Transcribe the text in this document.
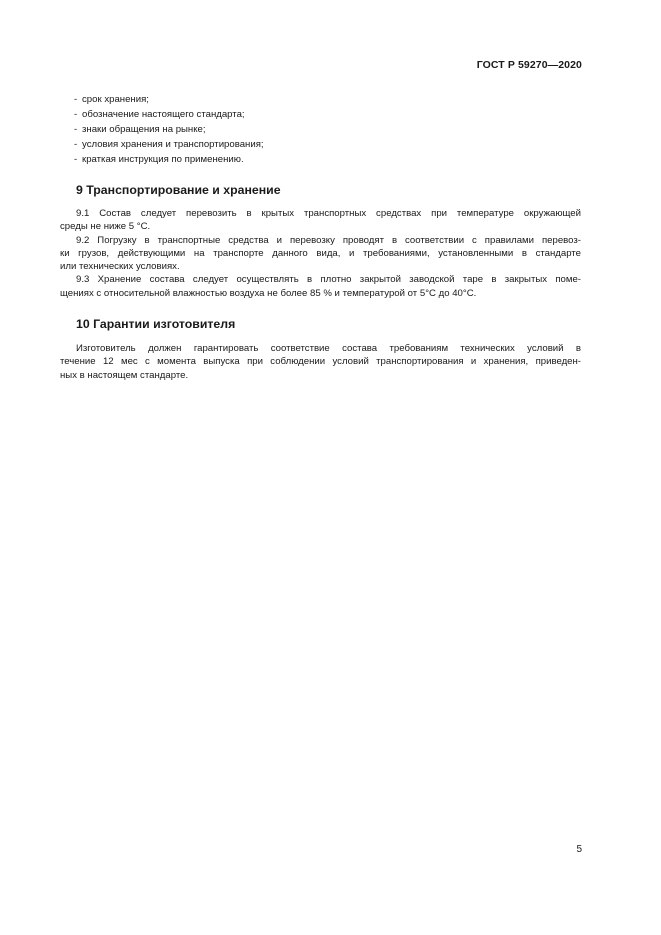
ГОСТ Р 59270—2020
- срок хранения;
- обозначение настоящего стандарта;
- знаки обращения на рынке;
- условия хранения и транспортирования;
- краткая инструкция по применению.
9 Транспортирование и хранение

9.1 Состав следует перевозить в крытых транспортных средствах при температуре окружающей
среды не ниже 5 °С.

9.2 Погрузку в транспортные средства и перевозку проводят в соответствии с правилами перевоз-
ки грузов, действующими на транспорте данного вида, и требованиями, установленными в стандарте
или технических условиях.

9.3 Хранение состава следует осуществлять в плотно закрытой заводской таре в закрытых поме-
щениях с относительной влажностью воздуха не более 85 % и температурой от 5°С до 40°С.

10 Гарантии изготовителя

Изготовитель должен гарантировать соответствие состава требованиям технических условий в
течение 12 мес с момента выпуска при соблюдении условий транспортирования и хранения, приведен-
ных в настоящем стандарте.

5
